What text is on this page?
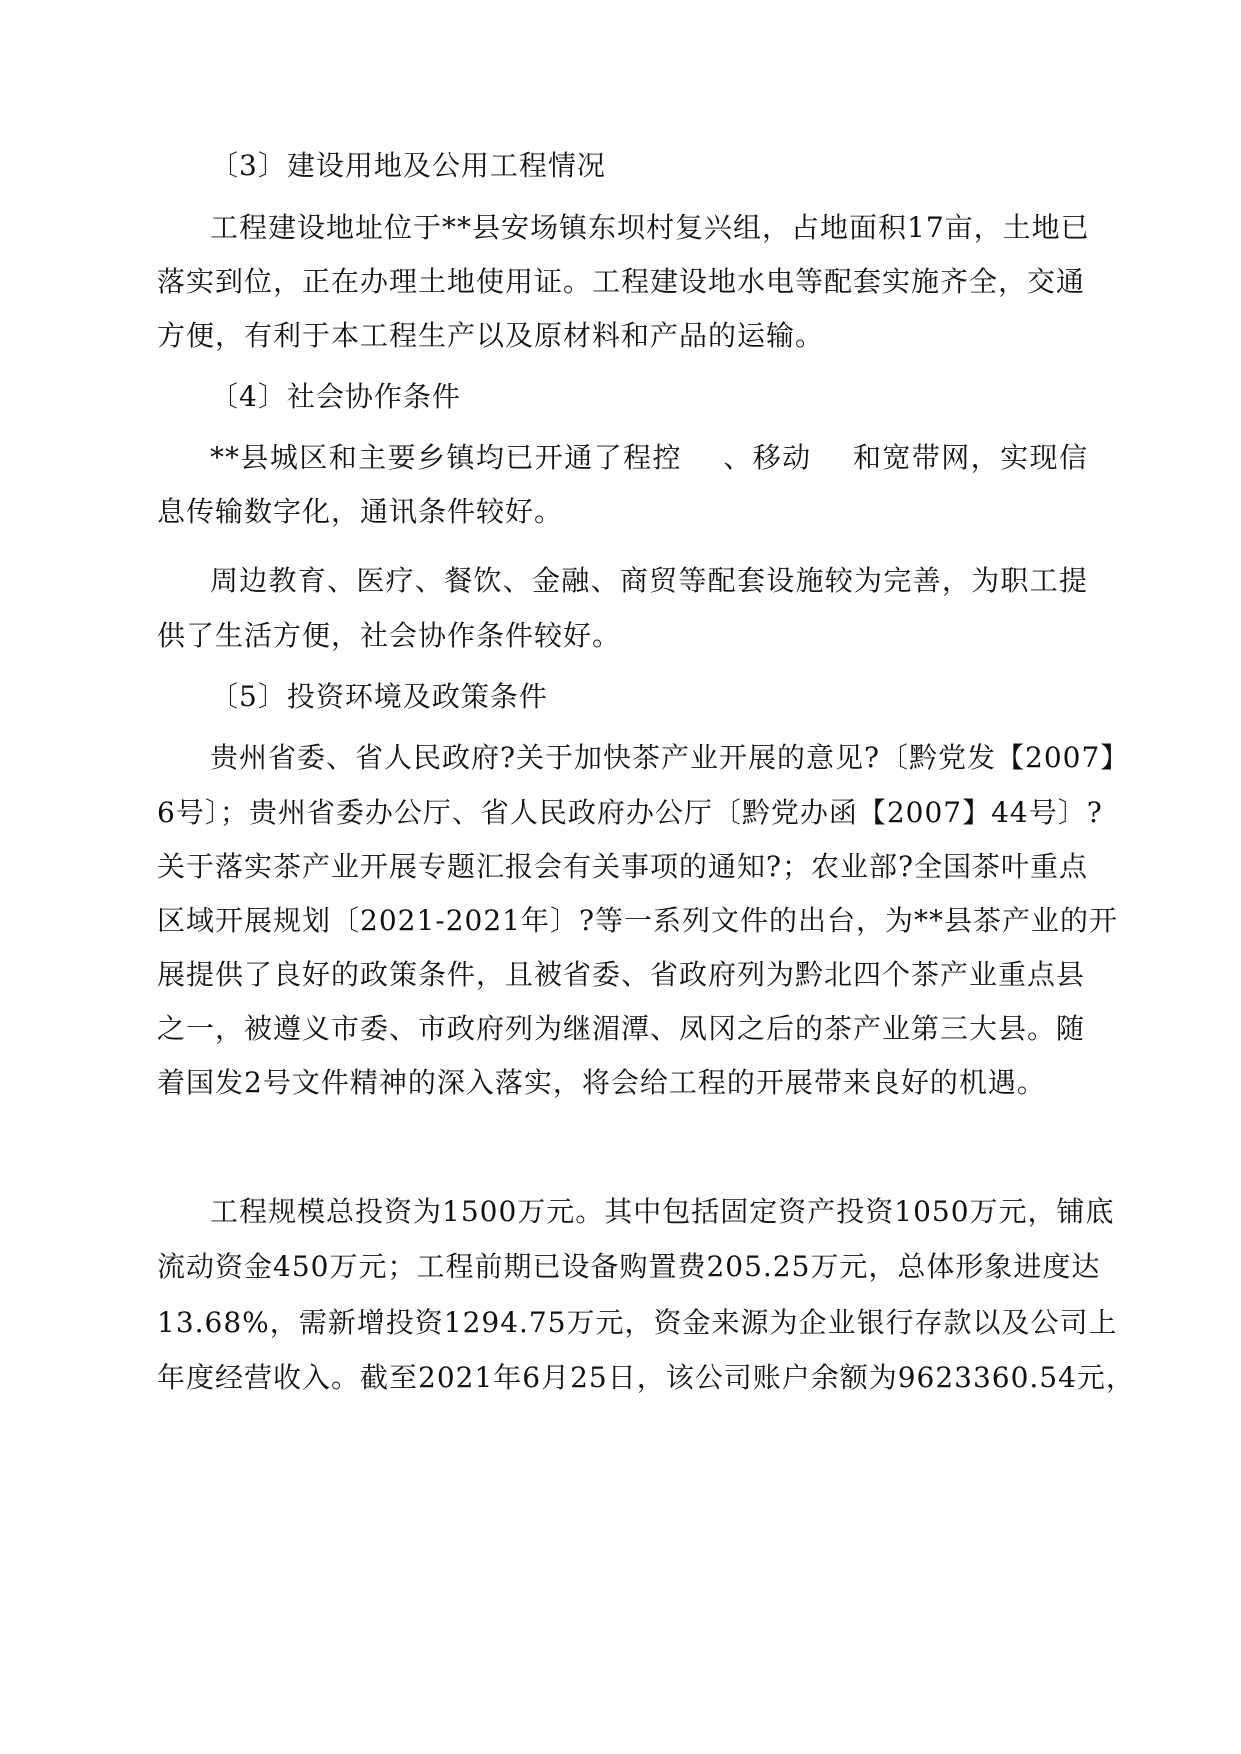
〔3〕建设用地及公用工程情况
工程建设地址位于**县安场镇东坝村复兴组，占地面积17亩，土地已
落实到位，正在办理土地使用证。工程建设地水电等配套实施齐全，交通
方便，有利于本工程生产以及原材料和产品的运输。
〔4〕社会协作条件
**县城区和主要乡镇均已开通了程控    、移动    和宽带网，实现信
息传输数字化，通讯条件较好。
周边教育、医疗、餐饮、金融、商贸等配套设施较为完善，为职工提
供了生活方便，社会协作条件较好。
〔5〕投资环境及政策条件
贵州省委、省人民政府?关于加快茶产业开展的意见?〔黔党发【2007】
6号〕；贵州省委办公厅、省人民政府办公厅〔黔党办函【2007】44号〕?
关于落实茶产业开展专题汇报会有关事项的通知?；农业部?全国茶叶重点
区域开展规划〔2021-2021年〕?等一系列文件的出台，为**县茶产业的开
展提供了良好的政策条件，且被省委、省政府列为黔北四个茶产业重点县
之一，被遵义市委、市政府列为继湄潭、凤冈之后的茶产业第三大县。随
着国发2号文件精神的深入落实，将会给工程的开展带来良好的机遇。
工程规模总投资为1500万元。其中包括固定资产投资1050万元，铺底
流动资金450万元；工程前期已设备购置费205.25万元，总体形象进度达
13.68%，需新增投资1294.75万元，资金来源为企业银行存款以及公司上
年度经营收入。截至2021年6月25日，该公司账户余额为9623360.54元，
